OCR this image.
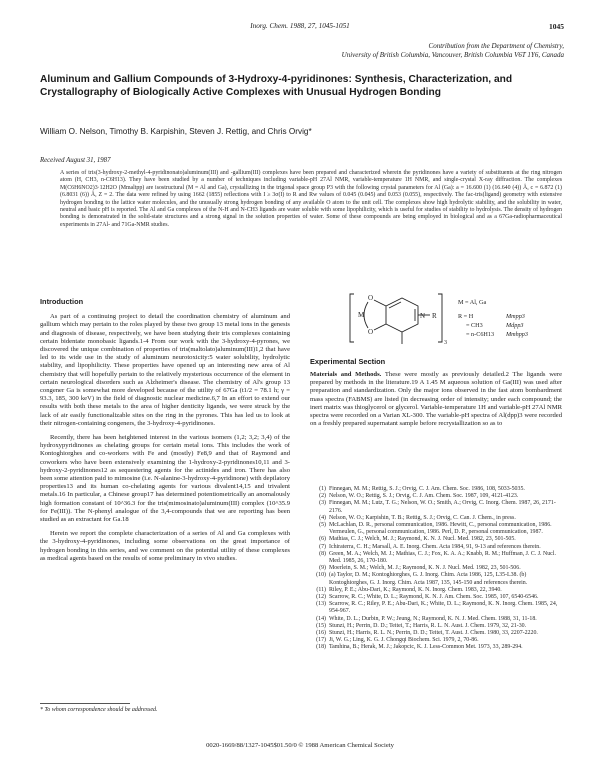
Inorg. Chem. 1988, 27, 1045-1051	1045
Contribution from the Department of Chemistry,
University of British Columbia, Vancouver, British Columbia V6T 1Y6, Canada
Aluminum and Gallium Compounds of 3-Hydroxy-4-pyridinones: Synthesis, Characterization, and Crystallography of Biologically Active Complexes with Unusual Hydrogen Bonding
William O. Nelson, Timothy B. Karpishin, Steven J. Rettig, and Chris Orvig*
Received August 31, 1987
A series of tris(3-hydroxy-2-methyl-4-pyridinonato)aluminum(III) and -gallium(III) complexes have been prepared and characterized wherein the pyridinones have a variety of substituents at the ring nitrogen atom (H, CH3, n-C6H13). They have been studied by a number of techniques including variable-pH 27Al NMR, variable-temperature 1H NMR, and single-crystal X-ray diffraction. The complexes M(C6H6NO2)3·12H2O (Mmaltpp) are isostructural (M = Al and Ga), crystallizing in the trigonal space group P3 with the following crystal parameters for Al (Ga): a = 16.600 (1) (16.640 (4)) Å, c = 6.872 (1) (6.8031 (6)) Å, Z = 2. The data were refined by using 1662 (1855) reflections with I ≥ 3σ(I) to R and Rw values of 0.045 (0.045) and 0.053 (0.055), respectively. The fac-tris(ligand) geometry with extensive hydrogen bonding to the lattice water molecules, and the unusually strong hydrogen bonding of any available O atom to the unit cell. The complexes show high hydrolytic stability, and the solubility in water, neutral and basic pH is reported. The Al and Ga complexes of the N-H and N-CH3 ligands are water soluble with some lipophilicity, which is useful for studies of stability to hydrolysis. The density of hydrogen bonding is demonstrated in the solid-state structures and a strong signal in the solution properties of water. Some of these compounds are being employed in biological and as a 67Ga-radiopharmaceutical experiments in 27Al- and 71Ga-NMR studies.
Introduction

As part of a continuing project to detail the coordination chemistry of aluminum and gallium which may pertain to the roles played by these two group 13 metal ions in the genesis and diagnosis of disease, respectively, we have been studying their tris complexes containing certain bidentate monobasic ligands.1-4 From our work with the 3-hydroxy-4-pyrones, we discovered the unique combination of properties of tris(maltolato)aluminum(III)1,2 that have led to its wide use in the study of aluminum neurotoxicity:5 water solubility, hydrolytic stability, and lipophilicity. These properties have opened up an interesting new area of Al chemistry that will hopefully pertain to the relatively mysterious occurrence of the element in certain neurological disorders such as Alzheimer's disease. The chemistry of Al's group 13 congener Ga is somewhat more developed because of the utility of 67Ga (t1/2 = 78.1 h; γ = 93.3, 185, 300 keV) in the field of diagnostic nuclear medicine.6,7 In an effort to extend our results with both these metals to the area of higher denticity ligands, we were struck by the lack of air easily functionalizable sites on the ring in the pyrones. This has led us to look at their nitrogen-containing congeners, the 3-hydroxy-4-pyridinones.

Recently, there has been heightened interest in the various isomers (1,2; 3,2; 3,4) of the hydroxypyridinones as chelating groups for certain metal ions. This includes the work of Kontoghiorghes and co-workers with Fe and (mostly) Fe8,9 and that of Raymond and coworkers who have been extensively examining the 1-hydroxy-2-pyridinones10,11 and 3-hydroxy-2-pyridinones12 as sequestering agents for the actinides and iron. There has also been some attention paid to mimosine (i.e. N-alanine-3-hydroxy-4-pyridinone) with depilatory properties13 and its human co-chelating agents for various divalent14,15 and trivalent metals.16 In particular, a Chinese group17 has determined potentiometrically an anomalously high formation constant of 10^36.3 for the tris(mimosinato)aluminum(III) complex (10^35.9 for Fe(III)). The N-phenyl analogue of the 3,4-compounds that we are reporting has been studied as an extractant for Ga.18

Herein we report the complete characterization of a series of Al and Ga complexes with the 3-hydroxy-4-pyridinones, including some observations on the great importance of hydrogen bonding in this series, and we comment on the potential utility of these complexes as medical agents based on the results of some preliminary in vivo studies.

O
O
N R
M
3
M = Al, Ga
R = H
= CH3
= n-C6H13
Mmpp3
Mdpp3
Mmhpp3
Experimental Section
Materials and Methods. These were mostly as previously detailed.2 The ligands were prepared by methods in the literature.19 A 1.45 M aqueous solution of Ga(III) was used after preparation and standardization. Only the major ions observed in the fast atom bombardment mass spectra (FABMS) are listed (in decreasing order of intensity; under each compound; the inert matrix was thioglycerol or glycerol. Variable-temperature 1H and variable-pH 27Al NMR spectra were recorded on a Varian XL-300. The variable-pH spectra of Al(dpp)3 were recorded on a freshly prepared supernatant sample before recrystallization so as to
(1) Finnegan, M. M.; Rettig, S. J.; Orvig, C. J. Am. Chem. Soc. 1986, 108, 5033-5035.
(2) Nelson, W. O.; Rettig, S. J.; Orvig, C. J. Am. Chem. Soc. 1987, 109, 4121-4123.
(3) Finnegan, M. M.; Lutz, T. G.; Nelson, W. O.; Smith, A.; Orvig, C. Inorg. Chem. 1987, 26, 2171-2176.
(4) Nelson, W. O.; Karpishin, T. B.; Rettig, S. J.; Orvig, C. Can. J. Chem., in press.
(5) McLachlan, D. R., personal communication, 1986. Hewitt, C., personal communication, 1986. Vermeulen, G., personal communication, 1986. Perl, D. P., personal communication, 1987.
(6) Mathias, C. J.; Welch, M. J.; Raymond, K. N. J. Nucl. Med. 1982, 23, 501-505.
(7) Ichiraterra, C. H.; Marsall, A. E. Inorg. Chem. Acta 1984, 91, 9-13 and references therein.
(8) Green, M. A.; Welch, M. J.; Mathias, C. J.; Fox, K. A. A.; Knabb, R. M.; Huffman, J. C. J. Nucl. Med. 1985, 26, 170-180.
(9) Moerlein, S. M.; Welch, M. J.; Raymond, K. N. J. Nucl. Med. 1982, 23, 501-506.
(10) (a) Taylor, D. M.; Kontoghiorghes, G. J. Inorg. Chim. Acta 1986, 125, L35-L38. (b) Kontoghiorghes, G. J. Inorg. Chim. Acta 1987, 135, 145-150 and references therein.
(11) Riley, P. E.; Abu-Dari, K.; Raymond, K. N. Inorg. Chem. 1983, 22, 3940.
(12) Scarrow, R. C.; White, D. L.; Raymond, K. N. J. Am. Chem. Soc. 1985, 107, 6540-6546.
(13) Scarrow, R. C.; Riley, P. E.; Abu-Dari, K.; White, D. L.; Raymond, K. N. Inorg. Chem. 1985, 24, 954-967.
(14) White, D. L.; Durbin, P. W.; Jeung, N.; Raymond, K. N. J. Med. Chem. 1988, 31, 11-18.
(15) Stunzi, H.; Perrin, D. D.; Teitei, T.; Harris, R. L. N. Aust. J. Chem. 1979, 32, 21-30.
(16) Stunzi, H.; Harris, R. L. N.; Perrin, D. D.; Teitei, T. Aust. J. Chem. 1980, 33, 2207-2220.
(17) Ji, W. G.; Ling, K. G. J. Chongqi Biochem. Sci. 1979, 2, 70-86.
(18) Tamhina, B.; Herak, M. J.; Jakopcic, K. J. Less-Common Met. 1973, 33, 289-294.
* To whom correspondence should be addressed.
0020-1669/88/1327-1045$01.50/0 © 1988 American Chemical Society
